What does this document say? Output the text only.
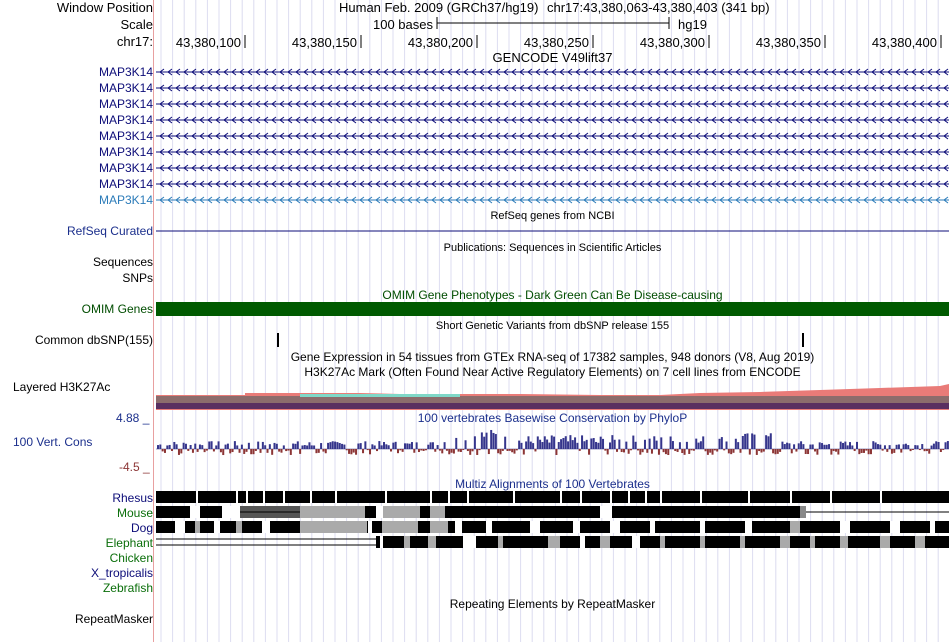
Window Position
Scale
chr17:
Human Feb. 2009 (GRCh37/hg19) chr17:43,380,063-43,380,403 (341 bp)
100 bases	hg19
43,380,100	43,380,150	43,380,200	43,380,250	43,380,300	43,380,350	43,380,400
GENCODE V49lift37
MAP3K14
MAP3K14
MAP3K14
MAP3K14
MAP3K14
MAP3K14
MAP3K14
MAP3K14
MAP3K14
RefSeq genes from NCBI
RefSeq Curated
Publications: Sequences in Scientific Articles
Sequences
SNPs
OMIM Gene Phenotypes - Dark Green Can Be Disease-causing
OMIM Genes
Short Genetic Variants from dbSNP release 155
Common dbSNP(155)
Gene Expression in 54 tissues from GTEx RNA-seq of 17382 samples, 948 donors (V8, Aug 2019)
H3K27Ac Mark (Often Found Near Active Regulatory Elements) on 7 cell lines from ENCODE
Layered H3K27Ac
100 vertebrates Basewise Conservation by PhyloP
4.88 _
100 Vert. Cons
-4.5 _
Multiz Alignments of 100 Vertebrates
Rhesus
Mouse
Dog
Elephant
Chicken
X_tropicalis
Zebrafish
Repeating Elements by RepeatMasker
RepeatMasker
